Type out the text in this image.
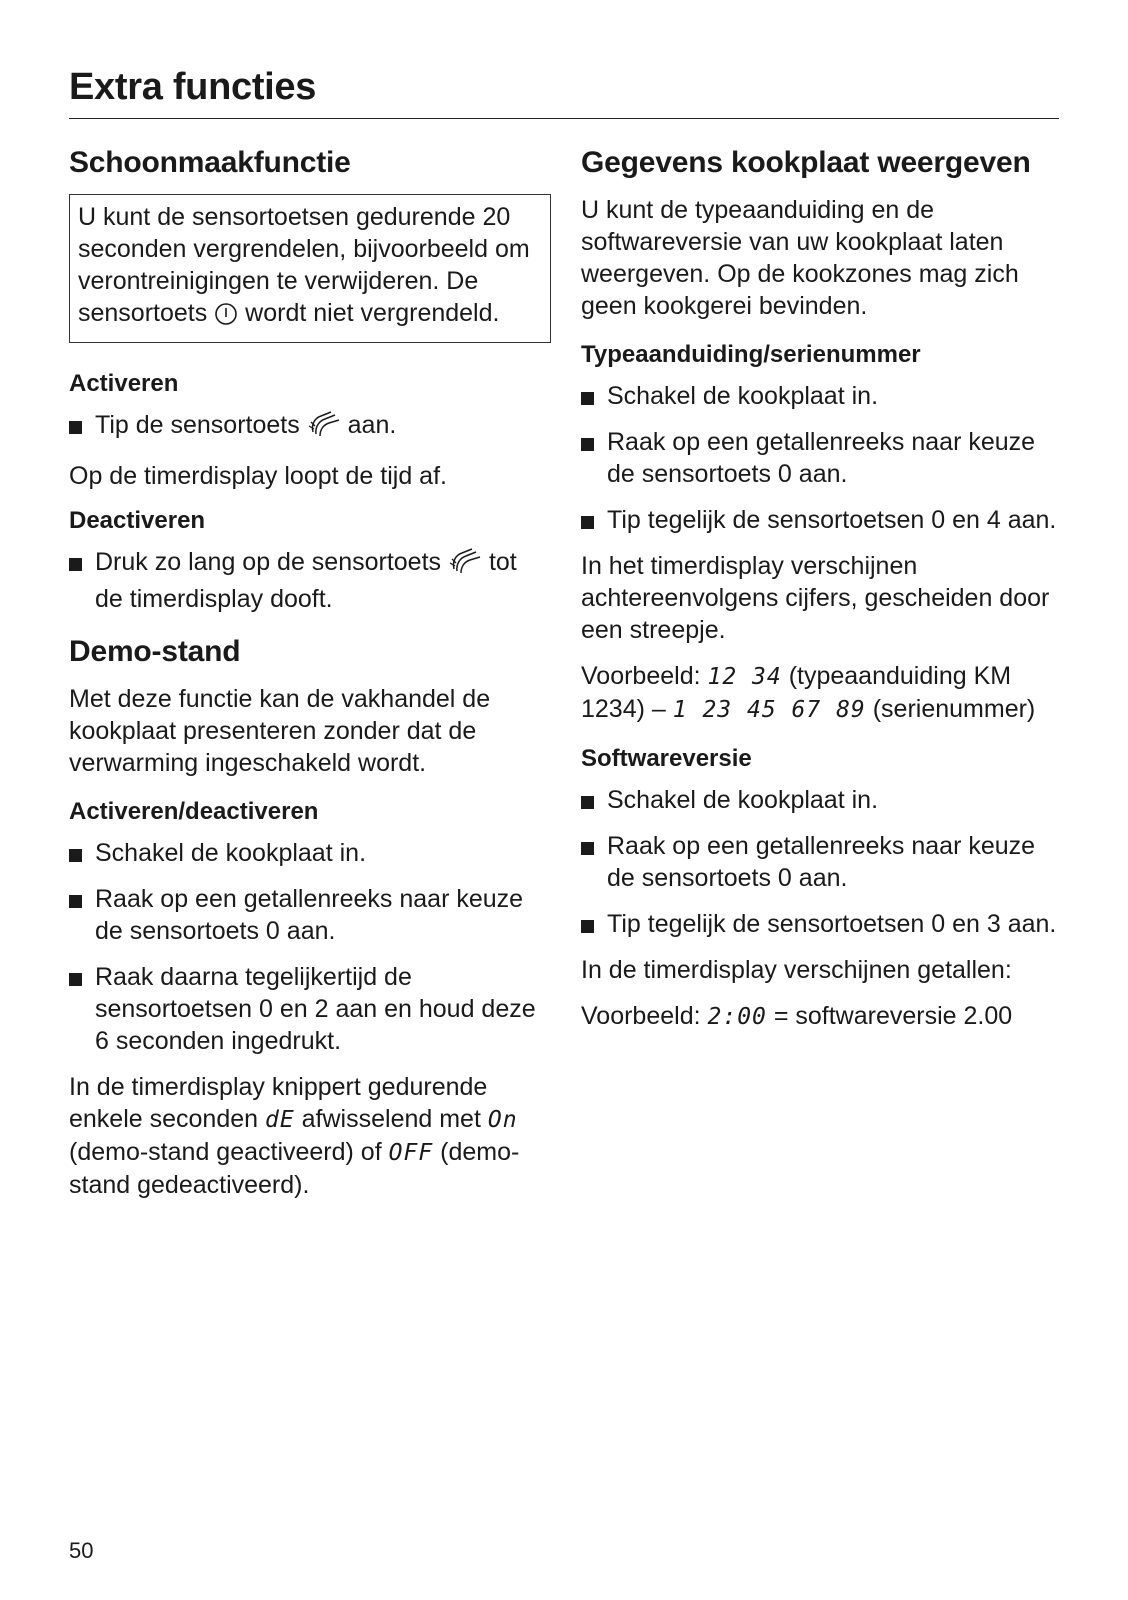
Extra functies
Schoonmaakfunctie

U kunt de sensortoetsen gedurende 20 seconden vergrendelen, bijvoorbeeld om verontreinigingen te verwijderen. De sensortoets wordt niet vergrendeld.

Activeren
Tip de sensortoets aan.

Op de timerdisplay loopt de tijd af.

Deactiveren
Druk zo lang op de sensortoets tot de timerdisplay dooft.
Demo-stand

Met deze functie kan de vakhandel de kookplaat presenteren zonder dat de verwarming ingeschakeld wordt.

Activeren/deactiveren
Schakel de kookplaat in.
Raak op een getallenreeks naar keuze de sensortoets 0 aan.
Raak daarna tegelijkertijd de sensortoetsen 0 en 2 aan en houd deze 6 seconden ingedrukt.

In de timerdisplay knippert gedurende enkele seconden dE afwisselend met On (demo-stand geactiveerd) of OFF (demo-stand gedeactiveerd).

Gegevens kookplaat weergeven

U kunt de typeaanduiding en de softwareversie van uw kookplaat laten weergeven. Op de kookzones mag zich geen kookgerei bevinden.

Typeaanduiding/serienummer
Schakel de kookplaat in.
Raak op een getallenreeks naar keuze de sensortoets 0 aan.
Tip tegelijk de sensortoetsen 0 en 4 aan.

In het timerdisplay verschijnen achtereenvolgens cijfers, gescheiden door een streepje.

Voorbeeld: 12 34 (typeaanduiding KM 1234) – 1 23 45 67 89 (serienummer)

Softwareversie
Schakel de kookplaat in.
Raak op een getallenreeks naar keuze de sensortoets 0 aan.
Tip tegelijk de sensortoetsen 0 en 3 aan.

In de timerdisplay verschijnen getallen:

Voorbeeld: 2:00 = softwareversie 2.00

50
